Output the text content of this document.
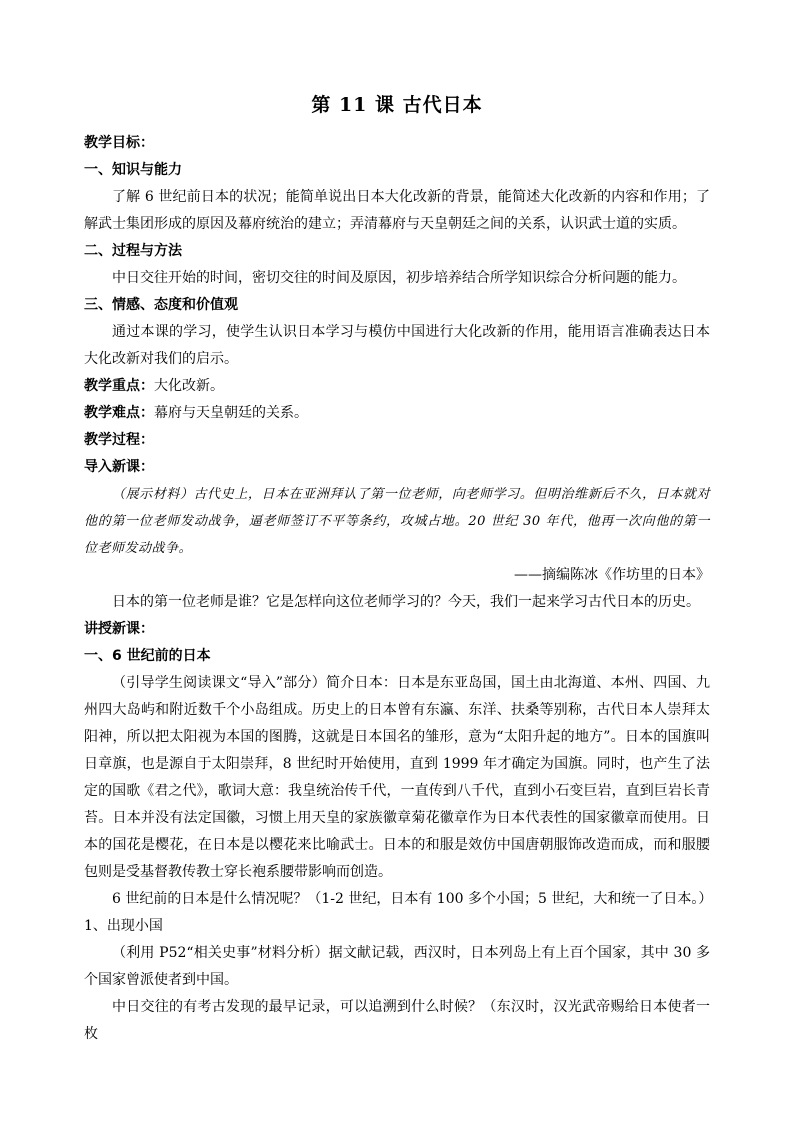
第 11 课 古代日本

教学目标：

一、知识与能力

了解 6 世纪前日本的状况；能简单说出日本大化改新的背景，能简述大化改新的内容和作用；了解武士集团形成的原因及幕府统治的建立；弄清幕府与天皇朝廷之间的关系，认识武士道的实质。

二、过程与方法

中日交往开始的时间，密切交往的时间及原因，初步培养结合所学知识综合分析问题的能力。

三、情感、态度和价值观

通过本课的学习，使学生认识日本学习与模仿中国进行大化改新的作用，能用语言准确表达日本大化改新对我们的启示。

教学重点：大化改新。

教学难点：幕府与天皇朝廷的关系。

教学过程：

导入新课：

（展示材料）古代史上，日本在亚洲拜认了第一位老师，向老师学习。但明治维新后不久，日本就对他的第一位老师发动战争，逼老师签订不平等条约，攻城占地。20 世纪 30 年代，他再一次向他的第一位老师发动战争。

——摘编陈冰《作坊里的日本》

日本的第一位老师是谁？它是怎样向这位老师学习的？今天，我们一起来学习古代日本的历史。

讲授新课：

一、6 世纪前的日本

（引导学生阅读课文“导入”部分）简介日本：日本是东亚岛国，国土由北海道、本州、四国、九州四大岛屿和附近数千个小岛组成。历史上的日本曾有东瀛、东洋、扶桑等别称，古代日本人崇拜太阳神，所以把太阳视为本国的图腾，这就是日本国名的雏形，意为“太阳升起的地方”。日本的国旗叫日章旗，也是源自于太阳崇拜，8 世纪时开始使用，直到 1999 年才确定为国旗。同时，也产生了法定的国歌《君之代》，歌词大意：我皇统治传千代，一直传到八千代，直到小石变巨岩，直到巨岩长青苔。日本并没有法定国徽，习惯上用天皇的家族徽章菊花徽章作为日本代表性的国家徽章而使用。日本的国花是樱花，在日本是以樱花来比喻武士。日本的和服是效仿中国唐朝服饰改造而成，而和服腰包则是受基督教传教士穿长袍系腰带影响而创造。

6 世纪前的日本是什么情况呢？（1-2 世纪，日本有 100 多个小国；5 世纪，大和统一了日本。）

1、出现小国

（利用 P52“相关史事”材料分析）据文献记载，西汉时，日本列岛上有上百个国家，其中 30 多个国家曾派使者到中国。

中日交往的有考古发现的最早记录，可以追溯到什么时候？（东汉时，汉光武帝赐给日本使者一枚
